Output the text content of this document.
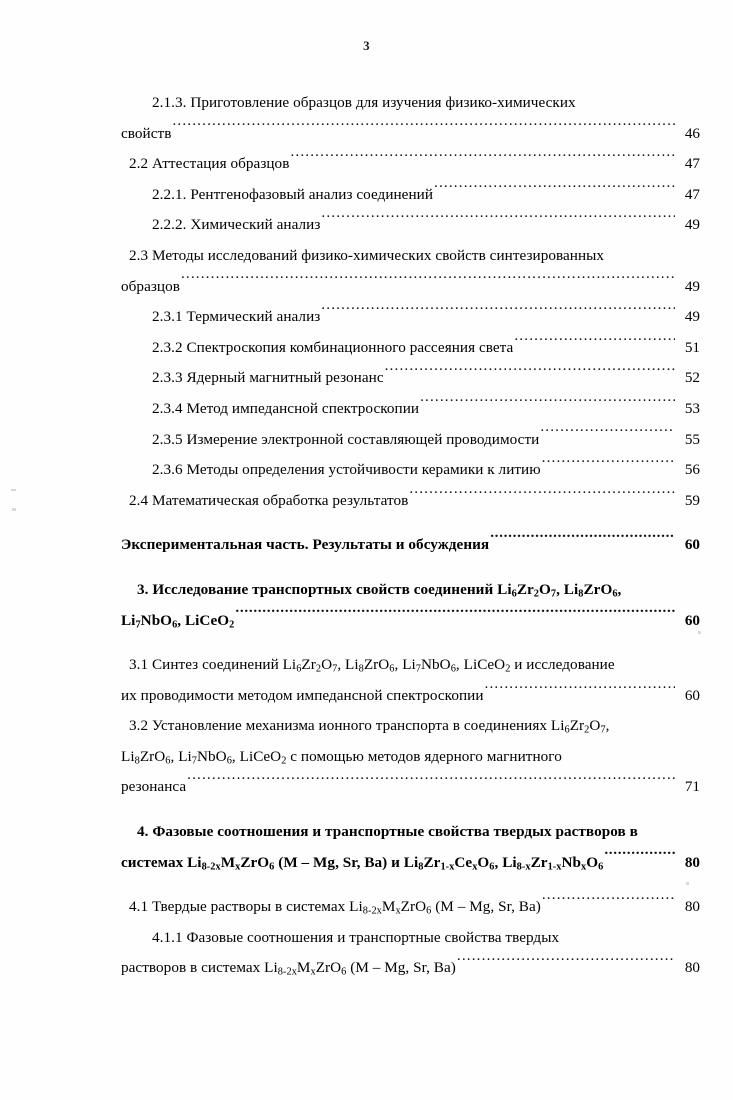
3
2.1.3. Приготовление образцов для изучения физико-химических
свойств .....	46
2.2 Аттестация образцов .....	47
2.2.1. Рентгенофазовый анализ соединений .....	47
2.2.2. Химический анализ .....	49
2.3 Методы исследований физико-химических свойств синтезированных
образцов .....	49
2.3.1 Термический анализ .....	49
2.3.2 Спектроскопия комбинационного рассеяния света .....	51
2.3.3 Ядерный магнитный резонанс .....	52
2.3.4 Метод импедансной спектроскопии .....	53
2.3.5 Измерение электронной составляющей проводимости .....	55
2.3.6 Методы определения устойчивости керамики к литию .....	56
2.4 Математическая обработка результатов .....	59
Экспериментальная часть. Результаты и обсуждения .....	60
3. Исследование транспортных свойств соединений $Li_6Zr_2O_7$, $Li_8ZrO_6$,
$Li_7NbO_6$, LiCeO$_2$ .....	60
3.1 Синтез соединений $Li_6Zr_2O_7$, $Li_8ZrO_6$, $Li_7NbO_6$, LiCeO$_2$ и исследование
их проводимости методом импедансной спектроскопии .....	60
3.2 Установление механизма ионного транспорта в соединениях $Li_6Zr_2O_7$,
$Li_8ZrO_6$, $Li_7NbO_6$, LiCeO$_2$ с помощью методов ядерного магнитного
резонанса .....	71
4. Фазовые соотношения и транспортные свойства твердых растворов в
системах $Li_{8-2x}M_xZrO_6$ (M – Mg, Sr, Ba) и $Li_8Zr_{1-x}Ce_xO_6$, $Li_{8-x}Zr_{1-x}Nb_xO_6$ .....	80
4.1 Твердые растворы в системах $Li_{8-2x}M_xZrO_6$ (M – Mg, Sr, Ba) .....	80
4.1.1 Фазовые соотношения и транспортные свойства твердых
растворов в системах $Li_{8-2x}M_xZrO_6$ (M – Mg, Sr, Ba) .....	80
